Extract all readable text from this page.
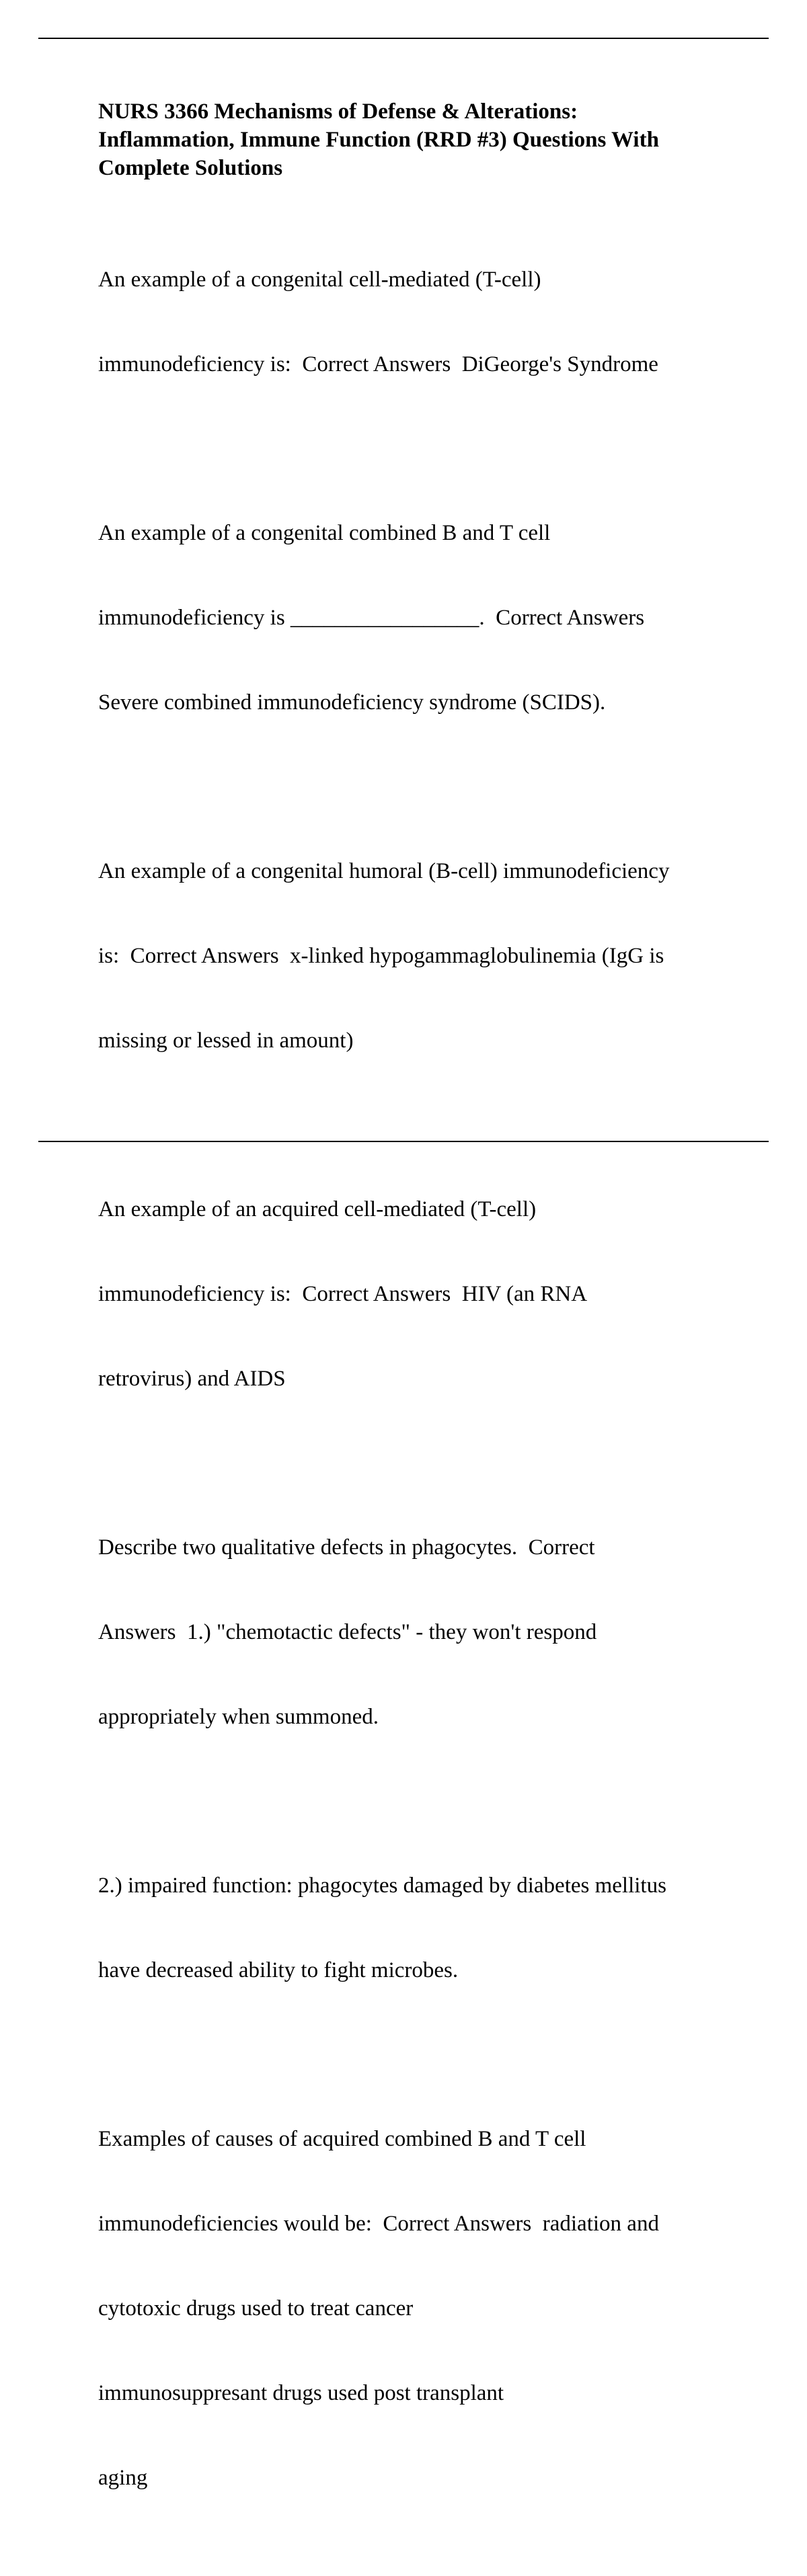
NURS 3366 Mechanisms of Defense & Alterations:
Inflammation, Immune Function (RRD #3) Questions With
Complete Solutions

An example of a congenital cell-mediated (T-cell)

immunodeficiency is:  Correct Answers  DiGeorge's Syndrome

An example of a congenital combined B and T cell

immunodeficiency is _________________.  Correct Answers

Severe combined immunodeficiency syndrome (SCIDS).

An example of a congenital humoral (B-cell) immunodeficiency

is:  Correct Answers  x-linked hypogammaglobulinemia (IgG is

missing or lessed in amount)

An example of an acquired cell-mediated (T-cell)

immunodeficiency is:  Correct Answers  HIV (an RNA

retrovirus) and AIDS

Describe two qualitative defects in phagocytes.  Correct

Answers  1.) "chemotactic defects" - they won't respond

appropriately when summoned.

2.) impaired function: phagocytes damaged by diabetes mellitus

have decreased ability to fight microbes.

Examples of causes of acquired combined B and T cell

immunodeficiencies would be:  Correct Answers  radiation and

cytotoxic drugs used to treat cancer

immunosuppresant drugs used post transplant

aging
